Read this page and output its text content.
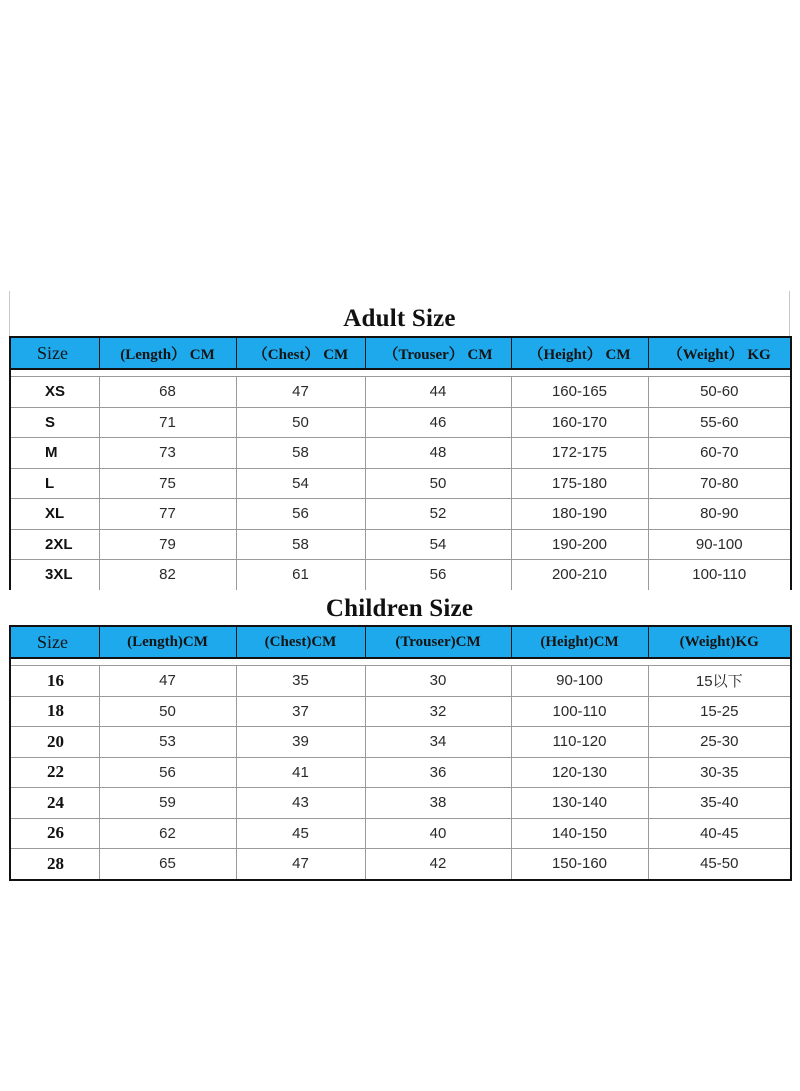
Adult Size
Size	(Length） CM	（Chest） CM	（Trouser） CM	（Height） CM	（Weight） KG

XS	68	47	44	160-165	50-60
S	71	50	46	160-170	55-60
M	73	58	48	172-175	60-70
L	75	54	50	175-180	70-80
XL	77	56	52	180-190	80-90
2XL	79	58	54	190-200	90-100
3XL	82	61	56	200-210	100-110
Children Size
Size	(Length)CM	(Chest)CM	(Trouser)CM	(Height)CM	(Weight)KG

16	47	35	30	90-100	15以下
18	50	37	32	100-110	15-25
20	53	39	34	110-120	25-30
22	56	41	36	120-130	30-35
24	59	43	38	130-140	35-40
26	62	45	40	140-150	40-45
28	65	47	42	150-160	45-50
